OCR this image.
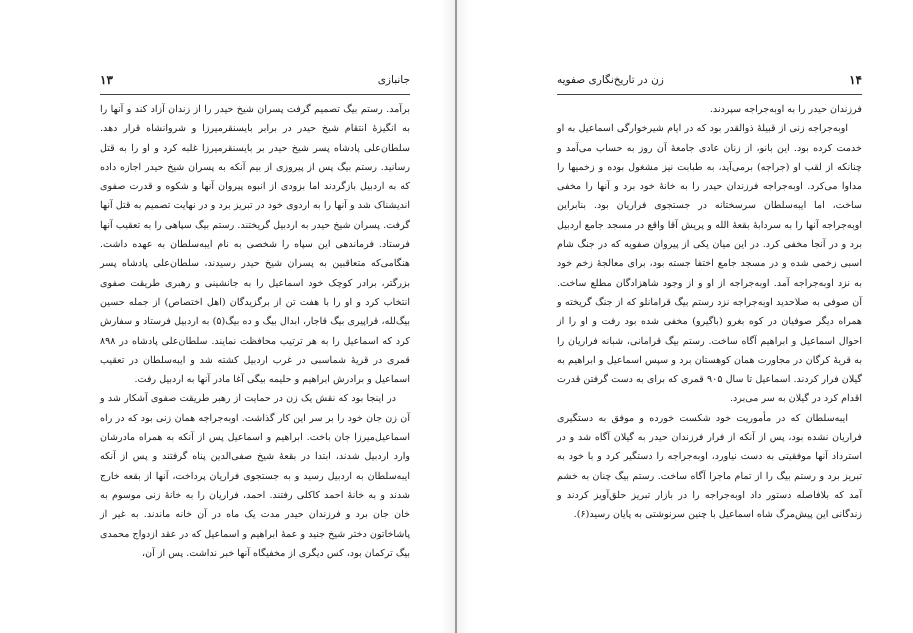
۱۳	جانبازی

برآمد. رستم بیگ تصمیم گرفت پسران شیخ حیدر را از زندان آزاد کند و آنها را به انگیزۀ انتقام شیخ حیدر در برابر بایسنقرمیرزا و شروانشاه قرار دهد. سلطان‌علی پادشاه پسر شیخ حیدر بر بایسنقرمیرزا غلبه کرد و او را به قتل رسانید. رستم بیگ پس از پیروزی از بیم آنکه به پسران شیخ حیدر اجازه داده که به اردبیل بازگردند اما بزودی از انبوه پیروان آنها و شکوه و قدرت صفوی اندیشناک شد و آنها را به اردوی خود در تبریز برد و در نهایت تصمیم به قتل آنها گرفت. پسران شیخ حیدر به اردبیل گریختند. رستم بیگ سپاهی را به تعقیب آنها فرستاد. فرماندهی این سپاه را شخصی به نام ایبه‌سلطان به عهده داشت. هنگامی‌که متعاقبین به پسران شیخ حیدر رسیدند، سلطان‌علی پادشاه پسر بزرگتر، برادر کوچک خود اسماعیل را به جانشینی و رهبری طریقت صفوی انتخاب کرد و او را با هفت تن از برگزیدگان (اهل اختصاص) از جمله حسین بیگ‌لله، قراپیری بیگ قاجار، ابدال بیگ و ده بیگ(۵) به اردبیل فرستاد و سفارش کرد که اسماعیل را به هر ترتیب محافظت نمایند. سلطان‌علی پادشاه در ۸۹۸ قمری در قریۀ شماسبی در غرب اردبیل کشته شد و ایبه‌سلطان در تعقیب اسماعیل و برادرش ابراهیم و حلیمه بیگی آغا مادر آنها به اردبیل رفت.

در اینجا بود که نقش یک زن در حمایت از رهبر طریقت صفوی آشکار شد و آن زن جان خود را بر سر این کار گذاشت. اوبه‌جراجه همان زنی بود که در راه اسماعیل‌میرزا جان باخت. ابراهیم و اسماعیل پس از آنکه به همراه مادرشان وارد اردبیل شدند، ابتدا در بقعۀ شیخ صفی‌الدین پناه گرفتند و پس از آنکه ایبه‌سلطان به اردبیل رسید و به جستجوی فراریان پرداخت، آنها از بقعه خارج شدند و به خانۀ احمد کاکلی رفتند. احمد، فراریان را به خانۀ زنی موسوم به خان جان برد و فرزندان حیدر مدت یک ماه در آن خانه ماندند. به غیر از پاشاخاتون دختر شیخ جنید و عمۀ ابراهیم و اسماعیل که در عقد ازدواج محمدی بیگ ترکمان بود، کس دیگری از مخفیگاه آنها خبر نداشت. پس از آن،

زن در تاریخ‌نگاری صفویه	۱۴

فرزندان حیدر را به اوبه‌جراجه سپردند.

اوبه‌جراجه زنی از قبیلۀ ذوالقدر بود که در ایام شیرخوارگی اسماعیل به او خدمت کرده بود. این بانو، از زنان عادی جامعۀ آن روز به حساب می‌آمد و چنانکه از لقب او (جراجه) برمی‌آید، به طبابت نیز مشغول بوده و زخمیها را مداوا می‌کرد. اوبه‌جراجه فرزندان حیدر را به خانۀ خود برد و آنها را مخفی ساخت، اما ایبه‌سلطان سرسختانه در جستجوی فراریان بود. بنابراین اوبه‌جراجه آنها را به سردابۀ بقعۀ الله و پریش آقا واقع در مسجد جامع اردبیل برد و در آنجا مخفی کرد. در این میان یکی از پیروان صفویه که در جنگ شام اسبی زخمی شده و در مسجد جامع اختفا جسته بود، برای معالجۀ زخم خود به نزد اوبه‌جراجه آمد. اوبه‌جراجه از او و از وجود شاهزادگان مطلع ساخت. آن صوفی به صلاحدید اوبه‌جراجه نزد رستم بیگ قرامانلو که از جنگ گریخته و همراه دیگر صوفیان در کوه بغرو (باگیرو) مخفی شده بود رفت و او را از احوال اسماعیل و ابراهیم آگاه ساخت. رستم بیگ قرامانی، شبانه فراریان را به قریۀ کرگان در مجاورت همان کوهستان برد و سپس اسماعیل و ابراهیم به گیلان فرار کردند. اسماعیل تا سال ۹۰۵ قمری که برای به دست گرفتن قدرت اقدام کرد در گیلان به سر می‌برد.

ایبه‌سلطان که در مأموریت خود شکست خورده و موفق به دستگیری فراریان نشده بود، پس از آنکه از فرار فرزندان حیدر به گیلان آگاه شد و در استرداد آنها موفقیتی به دست نیاورد، اوبه‌جراجه را دستگیر کرد و با خود به تبریز برد و رستم بیگ را از تمام ماجرا آگاه ساخت. رستم بیگ چنان به خشم آمد که بلافاصله دستور داد اوبه‌جراجه را در بازار تبریز حلق‌آویز کردند و زندگانی این پیش‌مرگ شاه اسماعیل با چنین سرنوشتی به پایان رسید(۶).
